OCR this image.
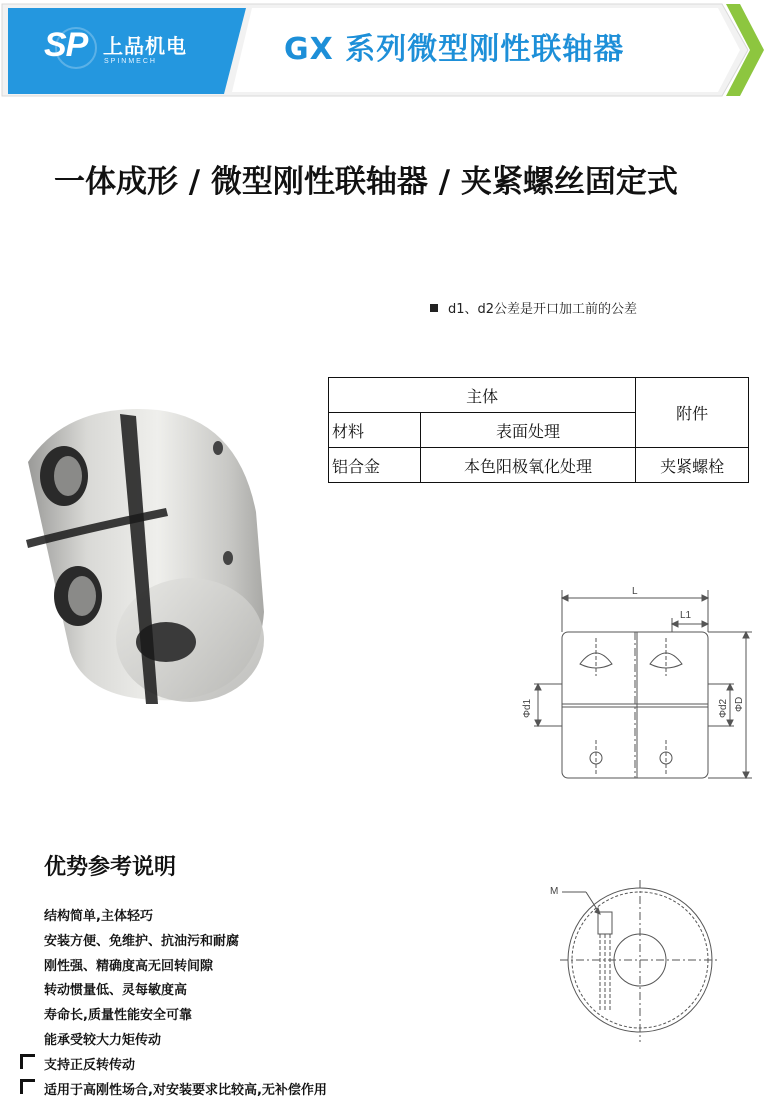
SP 上品机电
SPINMECH	GX 系列微型刚性联轴器
一体成形 / 微型刚性联轴器 / 夹紧螺丝固定式
d1、d2公差是开口加工前的公差
主体		附件
材料	表面处理	
铝合金	本色阳极氧化处理	夹紧螺栓
L
L1
Φd1	Φd2 ΦD
M
优势参考说明
结构简单,主体轻巧
安装方便、免维护、抗油污和耐腐
刚性强、精确度高无回转间隙
转动惯量低、灵每敏度高
寿命长,质量性能安全可靠
能承受较大力矩传动
支持正反转传动
适用于高刚性场合,对安装要求比较高,无补偿作用
